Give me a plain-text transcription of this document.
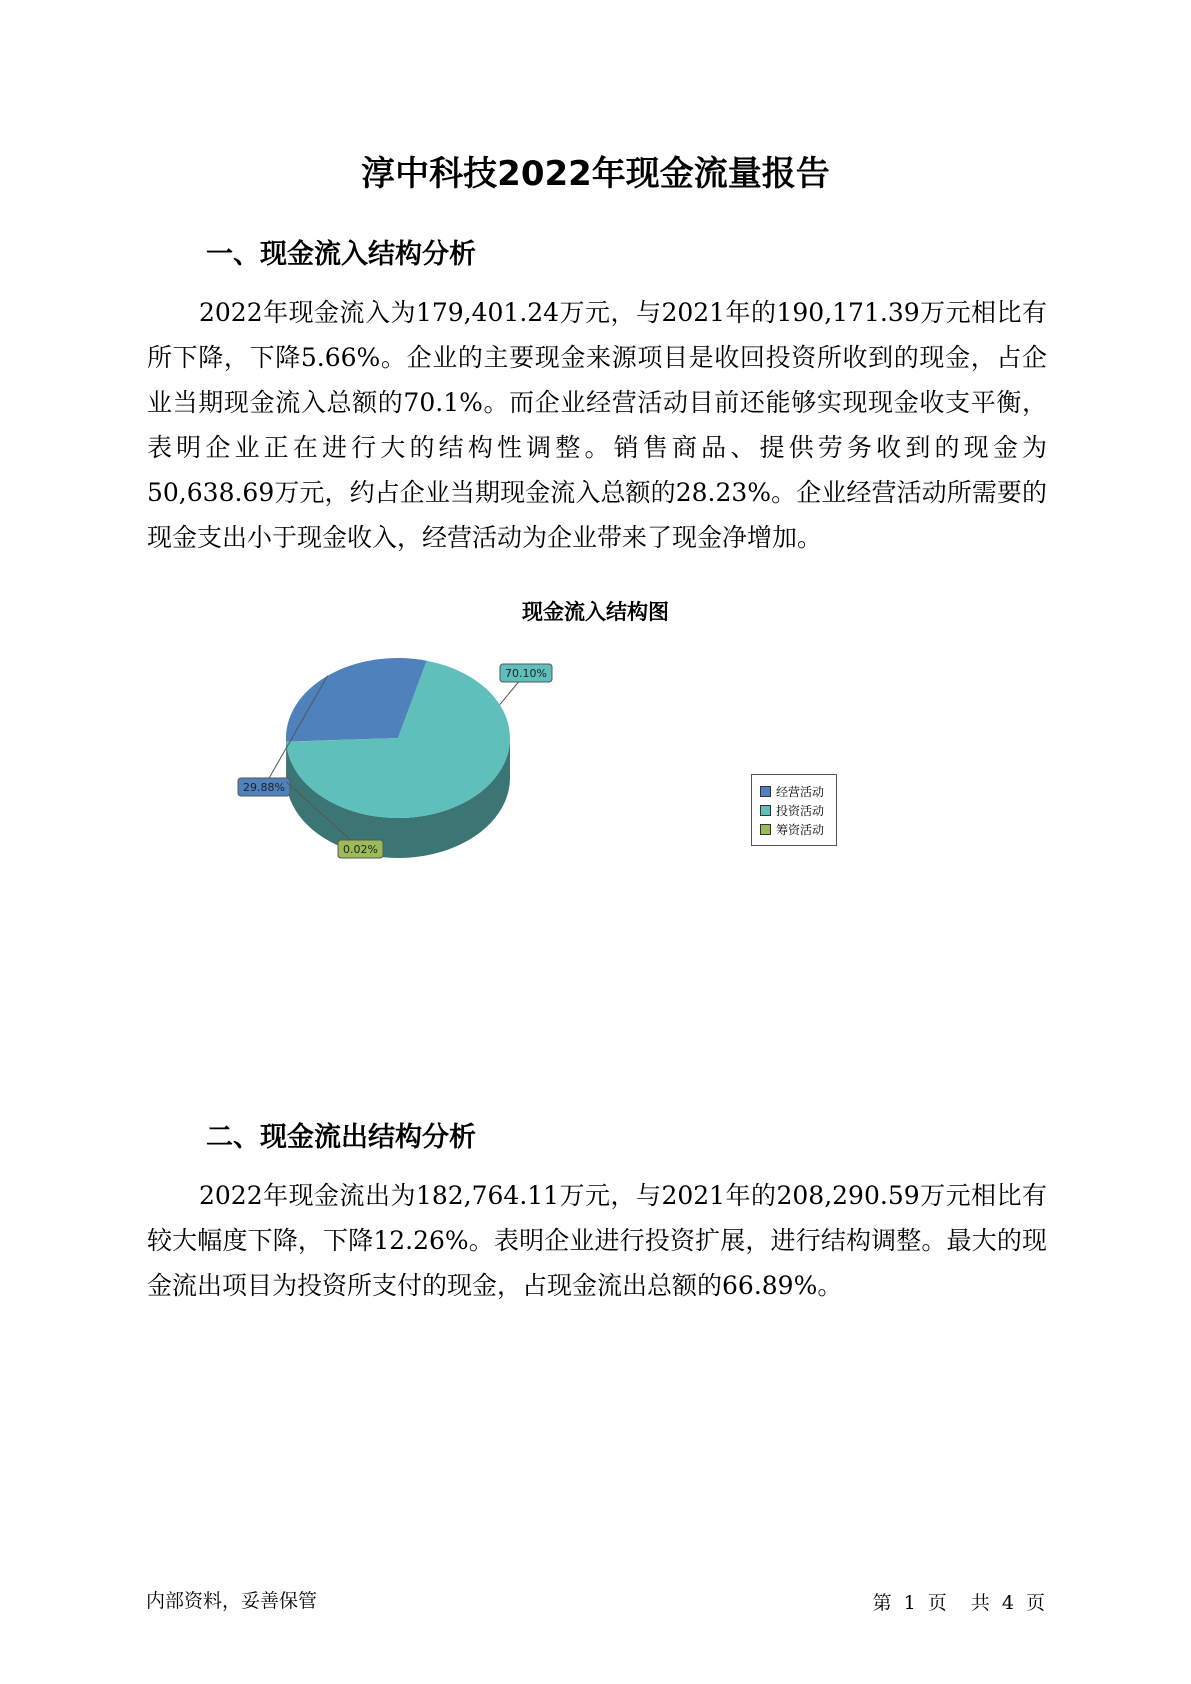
淳中科技2022年现金流量报告
一、现金流入结构分析

2022年现金流入为179,401.24万元，与2021年的190,171.39万元相比有所下降，下降5.66%。企业的主要现金来源项目是收回投资所收到的现金，占企业当期现金流入总额的70.1%。而企业经营活动目前还能够实现现金收支平衡，表明企业正在进行大的结构性调整。销售商品、提供劳务收到的现金为50,638.69万元，约占企业当期现金流入总额的28.23%。企业经营活动所需要的现金支出小于现金收入，经营活动为企业带来了现金净增加。

现金流入结构图
29.88%
70.10%
0.02%
经营活动
投资活动
筹资活动
二、现金流出结构分析

2022年现金流出为182,764.11万元，与2021年的208,290.59万元相比有较大幅度下降，下降12.26%。表明企业进行投资扩展，进行结构调整。最大的现金流出项目为投资所支付的现金，占现金流出总额的66.89%。

内部资料，妥善保管	第 1 页 共 4 页
